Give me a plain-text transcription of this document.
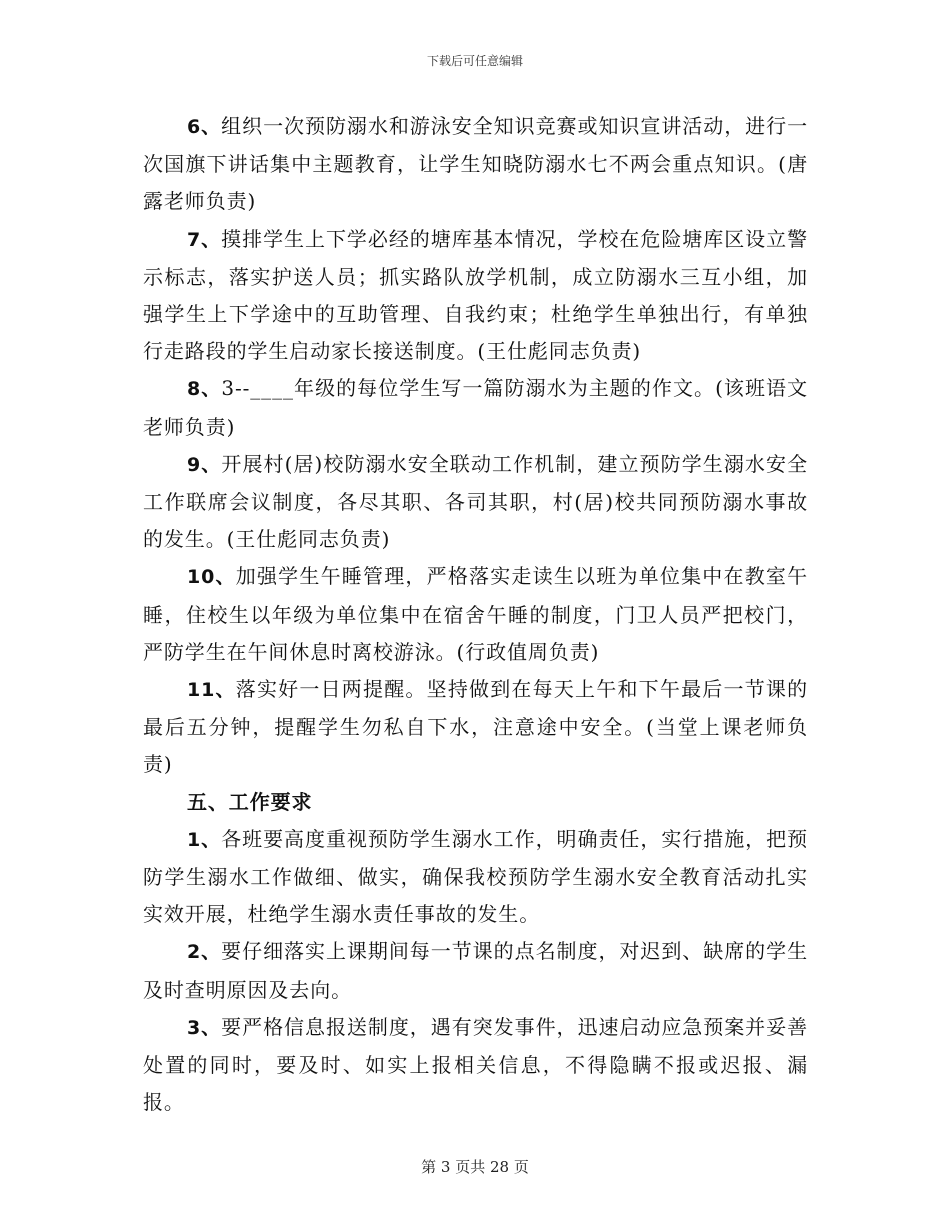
下载后可任意编辑

6、组织一次预防溺水和游泳安全知识竞赛或知识宣讲活动，进行一次国旗下讲话集中主题教育，让学生知晓防溺水七不两会重点知识。(唐露老师负责)

7、摸排学生上下学必经的塘库基本情况，学校在危险塘库区设立警示标志，落实护送人员；抓实路队放学机制，成立防溺水三互小组，加强学生上下学途中的互助管理、自我约束；杜绝学生单独出行，有单独行走路段的学生启动家长接送制度。(王仕彪同志负责)

8、3--____年级的每位学生写一篇防溺水为主题的作文。(该班语文老师负责)

9、开展村(居)校防溺水安全联动工作机制，建立预防学生溺水安全工作联席会议制度，各尽其职、各司其职，村(居)校共同预防溺水事故的发生。(王仕彪同志负责)

10、加强学生午睡管理，严格落实走读生以班为单位集中在教室午睡，住校生以年级为单位集中在宿舍午睡的制度，门卫人员严把校门，严防学生在午间休息时离校游泳。(行政值周负责)

11、落实好一日两提醒。坚持做到在每天上午和下午最后一节课的最后五分钟，提醒学生勿私自下水，注意途中安全。(当堂上课老师负责)

五、工作要求

1、各班要高度重视预防学生溺水工作，明确责任，实行措施，把预防学生溺水工作做细、做实，确保我校预防学生溺水安全教育活动扎实实效开展，杜绝学生溺水责任事故的发生。

2、要仔细落实上课期间每一节课的点名制度，对迟到、缺席的学生及时查明原因及去向。

3、要严格信息报送制度，遇有突发事件，迅速启动应急预案并妥善处置的同时，要及时、如实上报相关信息，不得隐瞒不报或迟报、漏报。

第 3 页共 28 页
